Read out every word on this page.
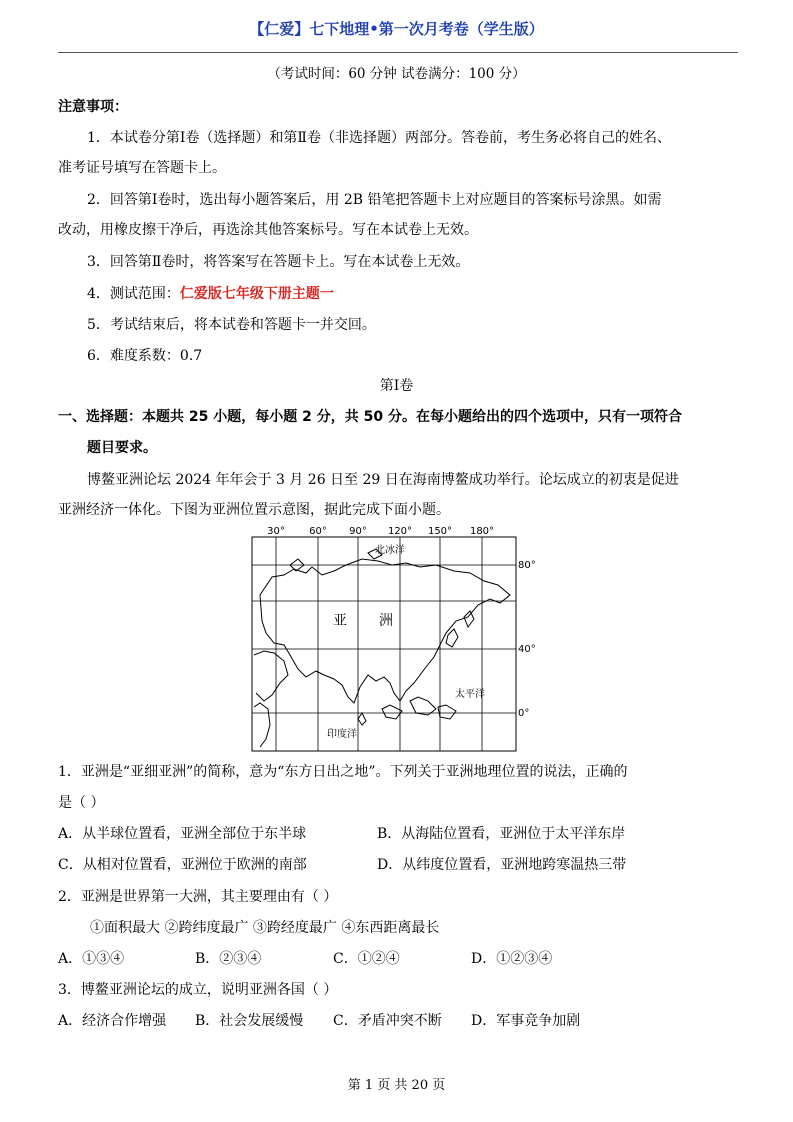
【仁爱】七下地理•第一次月考卷（学生版）
（考试时间：60 分钟 试卷满分：100 分）
注意事项：
1．本试卷分第Ⅰ卷（选择题）和第Ⅱ卷（非选择题）两部分。答卷前，考生务必将自己的姓名、
准考证号填写在答题卡上。
2．回答第Ⅰ卷时，选出每小题答案后，用 2B 铅笔把答题卡上对应题目的答案标号涂黑。如需
改动，用橡皮擦干净后，再选涂其他答案标号。写在本试卷上无效。
3．回答第Ⅱ卷时，将答案写在答题卡上。写在本试卷上无效。
4．测试范围：仁爱版七年级下册主题一
5．考试结束后，将本试卷和答题卡一并交回。
6．难度系数：0.7
第Ⅰ卷
一、选择题：本题共 25 小题，每小题 2 分，共 50 分。在每小题给出的四个选项中，只有一项符合
题目要求。
博鳌亚洲论坛 2024 年年会于 3 月 26 日至 29 日在海南博鳌成功举行。论坛成立的初衷是促进
亚洲经济一体化。下图为亚洲位置示意图，据此完成下面小题。
30° 60° 90° 120° 150° 180°
80°
40°
0°
北冰洋
亚 洲
太平洋
印度洋
1．亚洲是“亚细亚洲”的简称，意为“东方日出之地”。下列关于亚洲地理位置的说法，正确的
是（ ）
A．从半球位置看，亚洲全部位于东半球	B．从海陆位置看，亚洲位于太平洋东岸
C．从相对位置看，亚洲位于欧洲的南部	D．从纬度位置看，亚洲地跨寒温热三带
2．亚洲是世界第一大洲，其主要理由有（ ）
①面积最大 ②跨纬度最广 ③跨经度最广 ④东西距离最长
A．①③④	B．②③④	C．①②④	D．①②③④
3．博鳌亚洲论坛的成立，说明亚洲各国（ ）
A．经济合作增强 B．社会发展缓慢 C．矛盾冲突不断 D．军事竞争加剧
第 1 页 共 20 页
